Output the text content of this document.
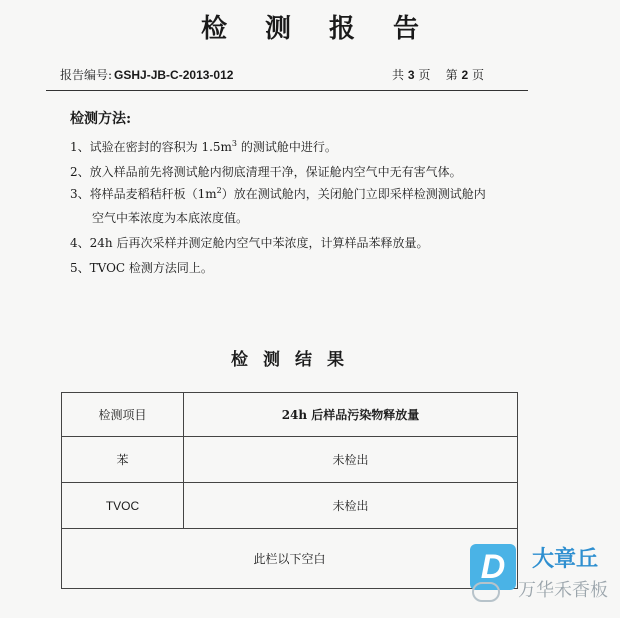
检测报告
报告编号: GSHJ-JB-C-2013-012	共 3 页 第 2 页
检测方法:
1、试验在密封的容积为 $1.5m^3$ 的测试舱中进行。
2、放入样品前先将测试舱内彻底清理干净，保证舱内空气中无有害气体。
3、将样品麦稻秸秆板$(1m^2)$放在测试舱内，关闭舱门立即采样检测测试舱内
空气中苯浓度为本底浓度值。
4、24h 后再次采样并测定舱内空气中苯浓度，计算样品苯释放量。
5、TVOC 检测方法同上。
检测结果
检测项目	24h 后样品污染物释放量
苯	未检出
TVOC	未检出
此栏以下空白		D	大章丘
万华禾香板
